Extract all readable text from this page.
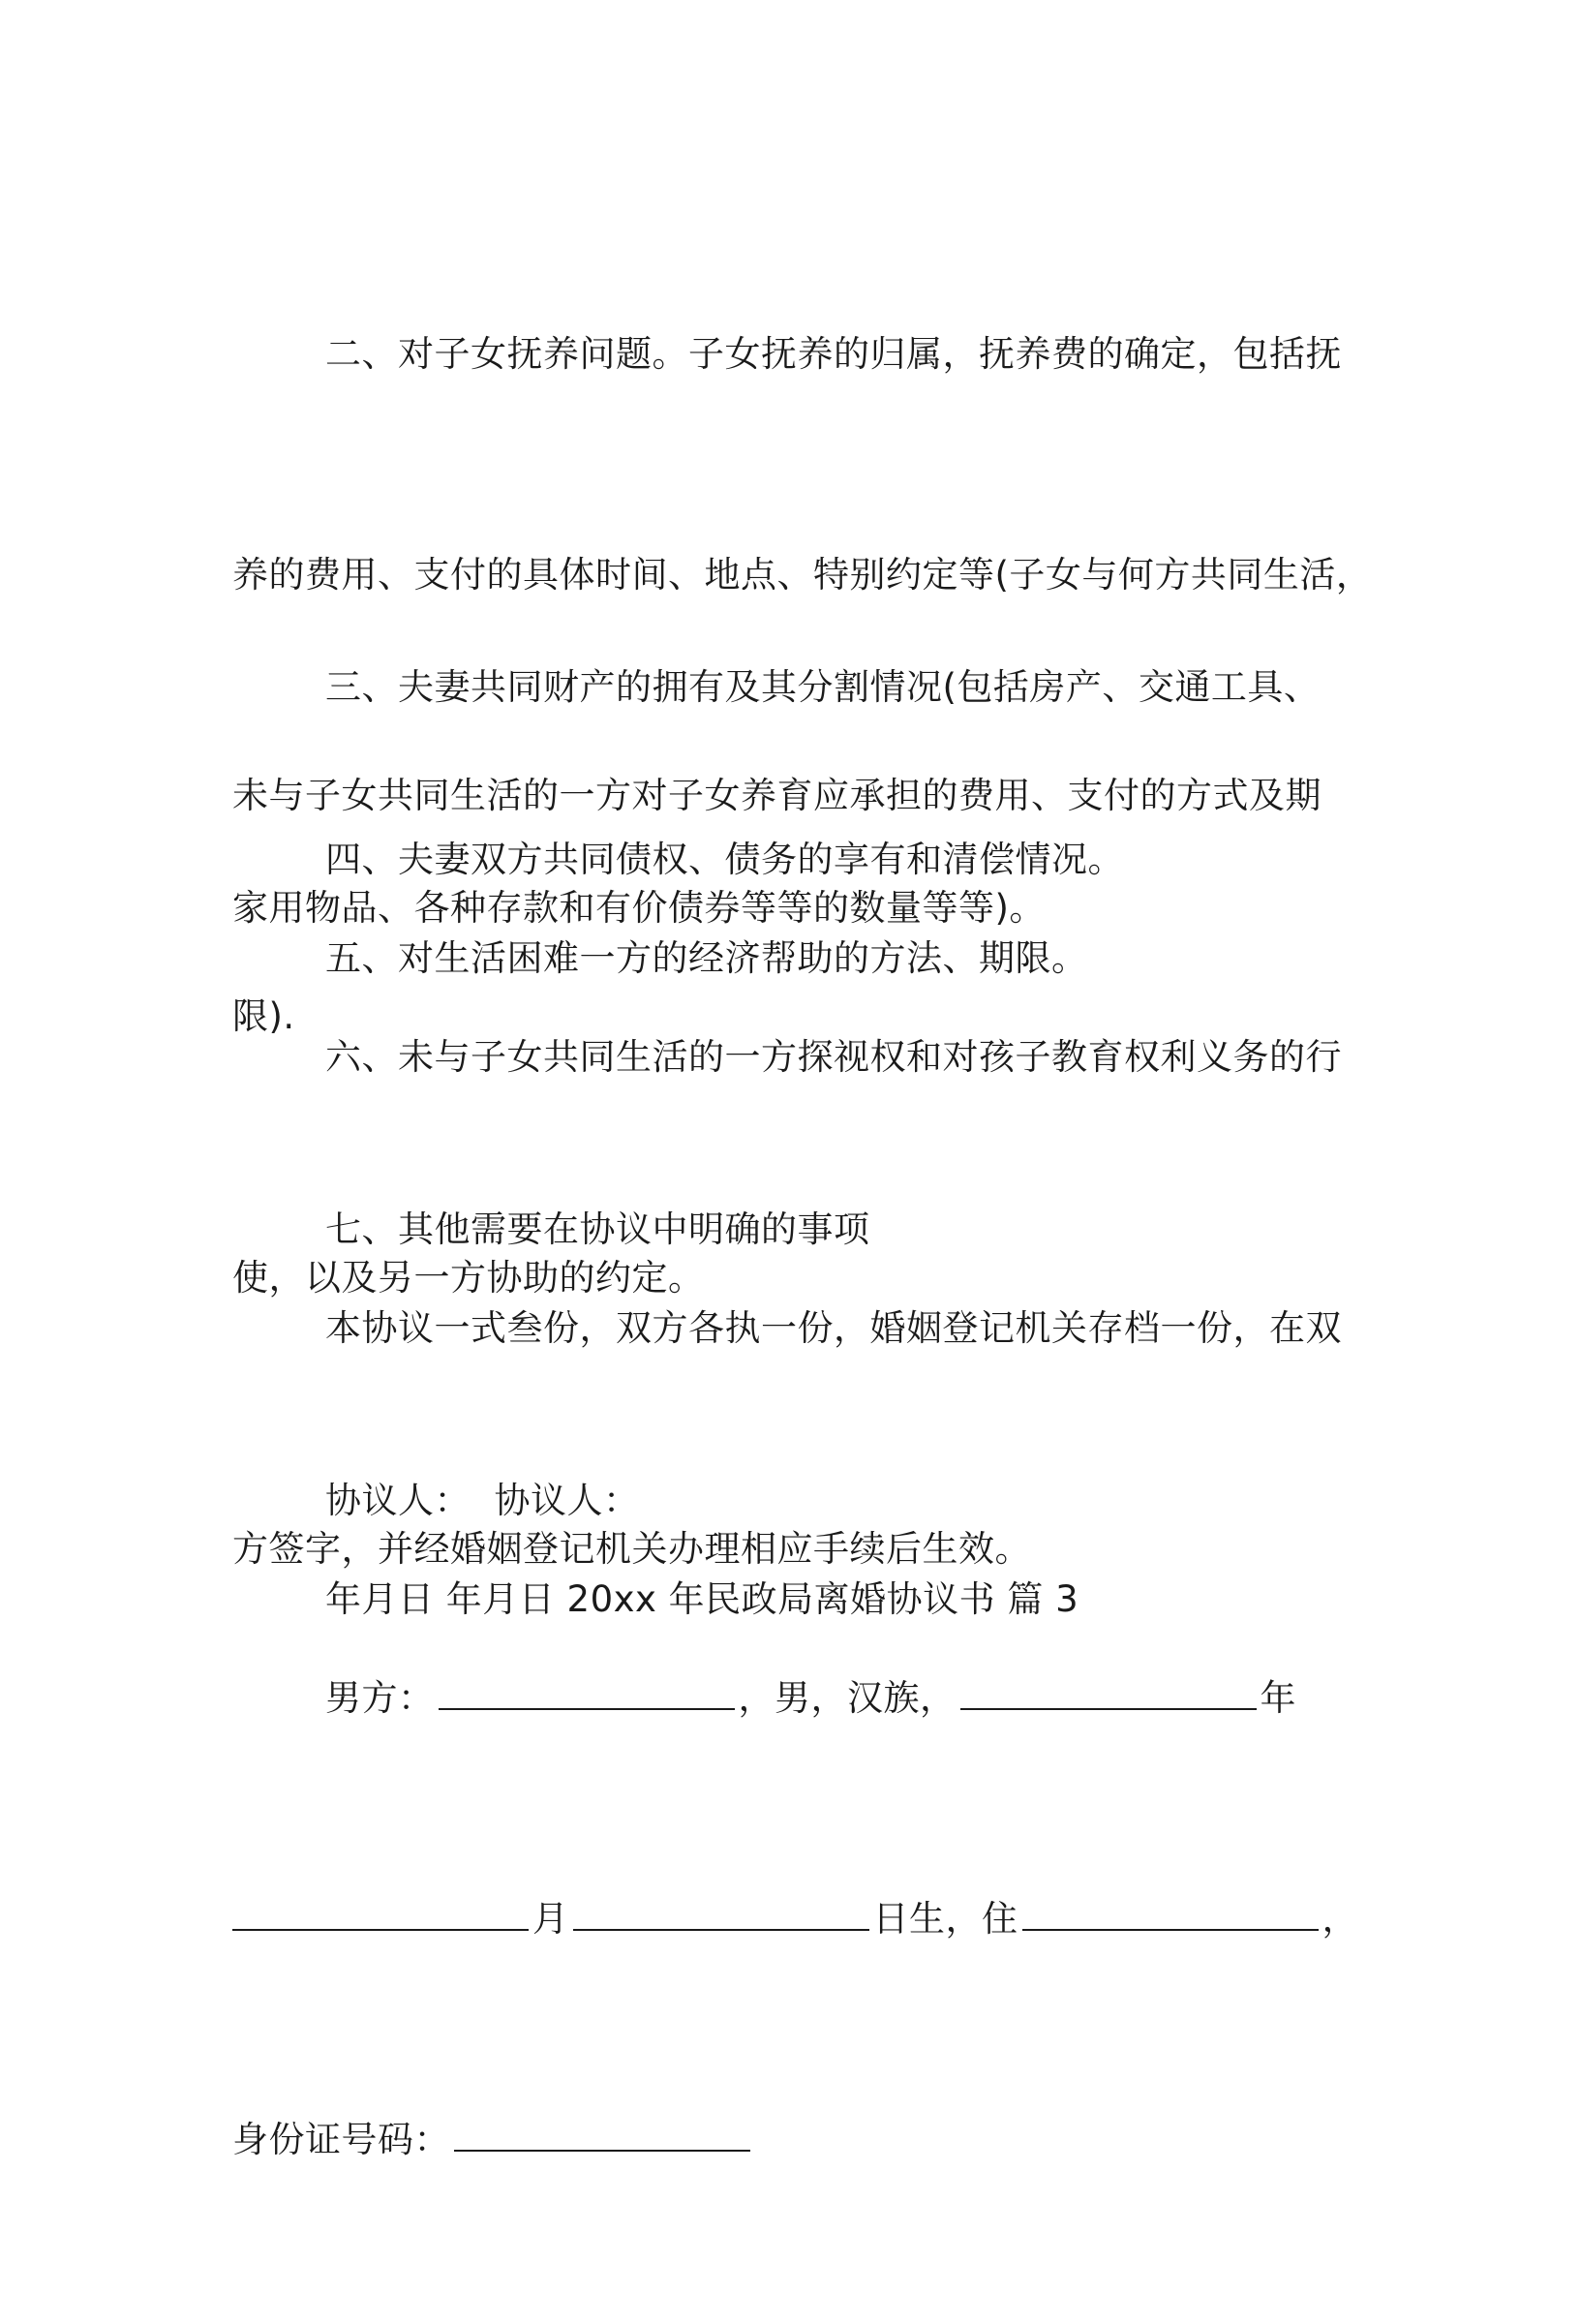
二、对子女抚养问题。子女抚养的归属，抚养费的确定，包括抚

养的费用、支付的具体时间、地点、特别约定等(子女与何方共同生活，

未与子女共同生活的一方对子女养育应承担的费用、支付的方式及期

限).

三、夫妻共同财产的拥有及其分割情况(包括房产、交通工具、

家用物品、各种存款和有价债券等等的数量等等)。

四、夫妻双方共同债权、债务的享有和清偿情况。

五、对生活困难一方的经济帮助的方法、期限。

六、未与子女共同生活的一方探视权和对孩子教育权利义务的行

使，以及另一方协助的约定。

七、其他需要在协议中明确的事项

本协议一式叁份，双方各执一份，婚姻登记机关存档一份，在双

方签字，并经婚姻登记机关办理相应手续后生效。

协议人：  协议人：

年月日 年月日 20xx 年民政局离婚协议书 篇 3

男方：	，男，汉族，	年

月	日生，住	，

身份证号码：
